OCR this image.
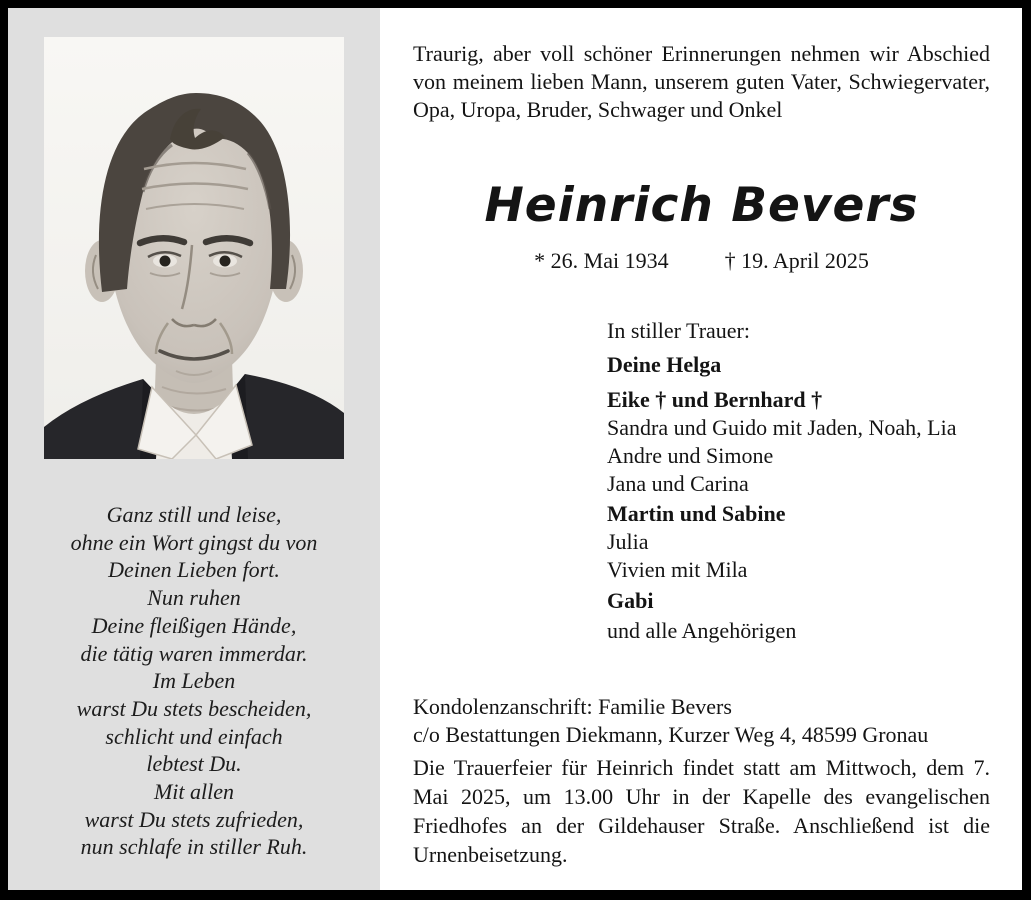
Ganz still und leise,
ohne ein Wort gingst du von
Deinen Lieben fort.
Nun ruhen
Deine fleißigen Hände,
die tätig waren immerdar.
Im Leben
warst Du stets bescheiden,
schlicht und einfach
lebtest Du.
Mit allen
warst Du stets zufrieden,
nun schlafe in stiller Ruh.

Traurig, aber voll schöner Erinnerungen nehmen wir Abschied von meinem lieben Mann, unserem guten Vater, Schwiegervater, Opa, Uropa, Bruder, Schwager und Onkel

Heinrich Bevers
* 26. Mai 1934	† 19. April 2025
In stiller Trauer:
Deine Helga
Eike † und Bernhard †
Sandra und Guido mit Jaden, Noah, Lia
Andre und Simone
Jana und Carina
Martin und Sabine
Julia
Vivien mit Mila
Gabi
und alle Angehörigen
Kondolenzanschrift: Familie Bevers
c/o Bestattungen Diekmann, Kurzer Weg 4, 48599 Gronau

Die Trauerfeier für Heinrich findet statt am Mittwoch, dem 7. Mai 2025, um 13.00 Uhr in der Kapelle des evangelischen Friedhofes an der Gildehauser Straße. Anschließend ist die Urnenbeisetzung.
